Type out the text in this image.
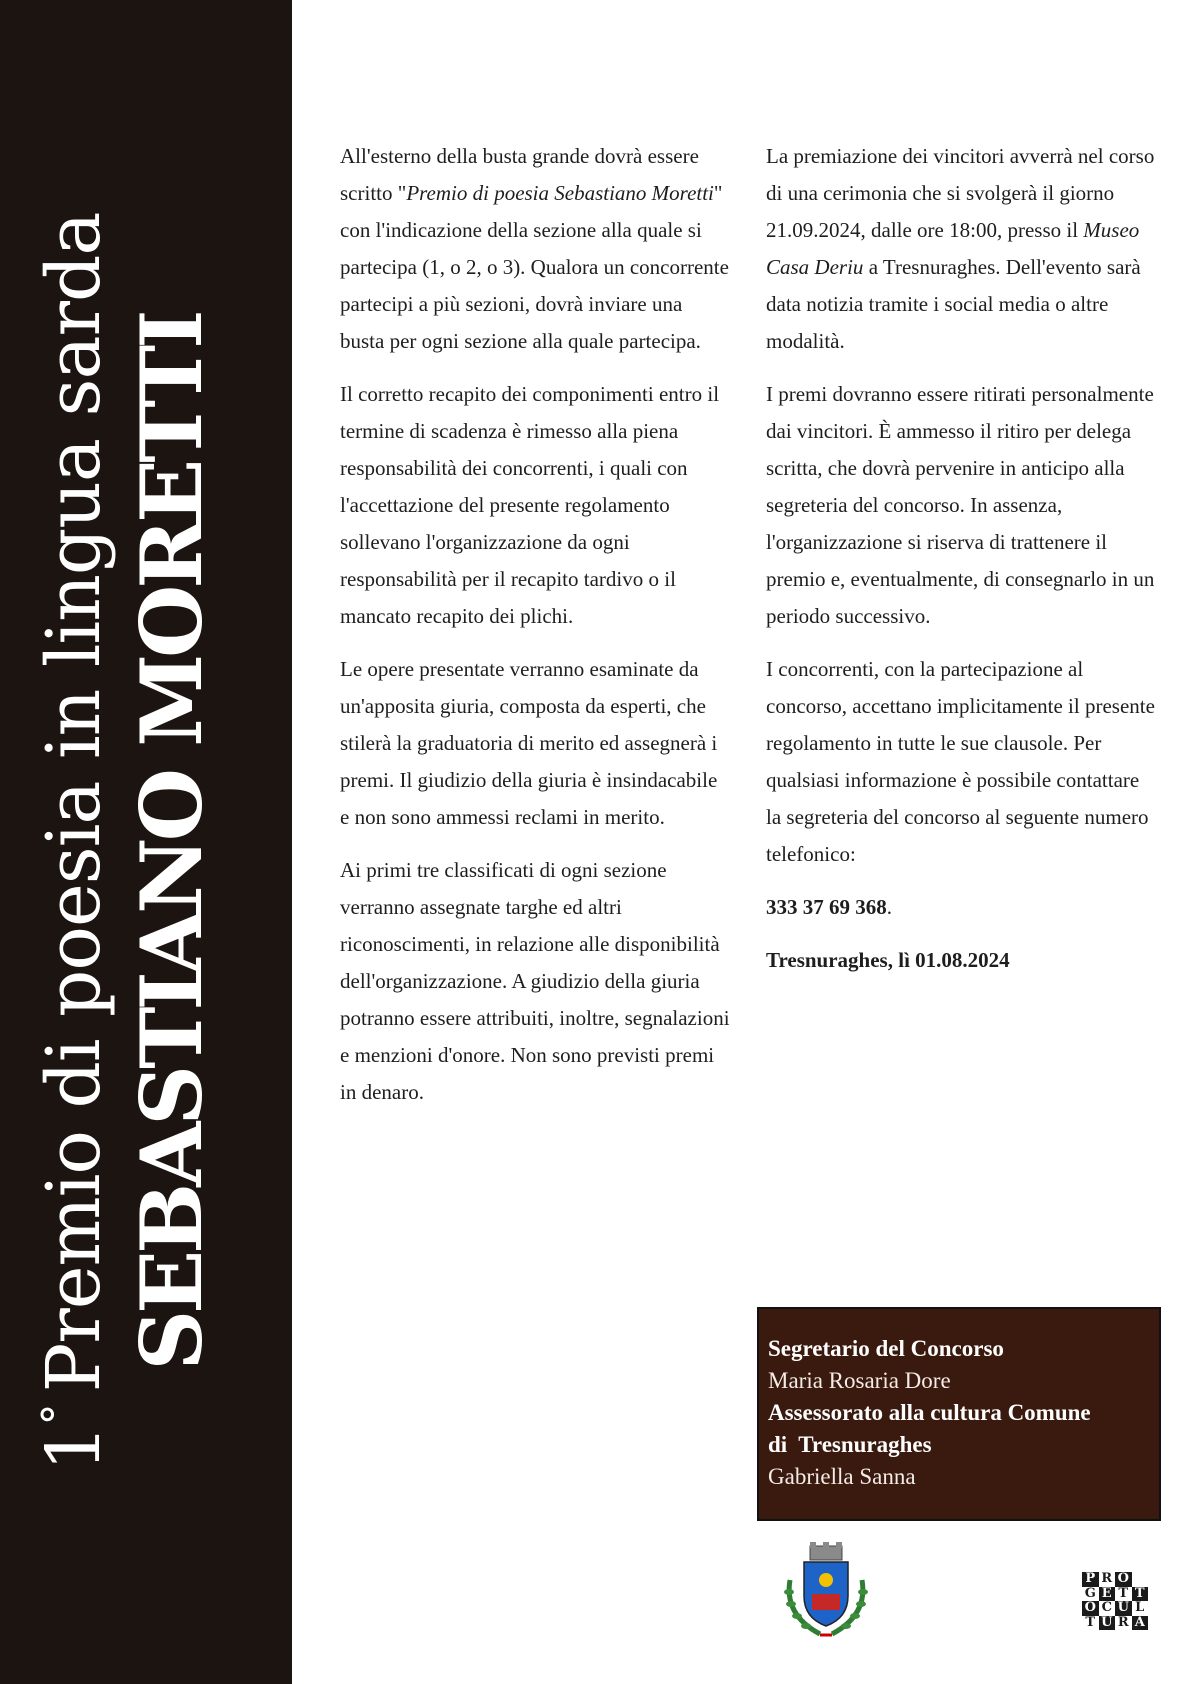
1°Premio di poesia in lingua sarda SEBASTIANO MORETTI

All'esterno della busta grande dovrà essere scritto "Premio di poesia Sebastiano Moretti" con l'indicazione della sezione alla quale si partecipa (1, o 2, o 3). Qualora un concorrente partecipi a più sezioni, dovrà inviare una busta per ogni sezione alla quale partecipa.

Il corretto recapito dei componimenti entro il termine di scadenza è rimesso alla piena responsabilità dei concorrenti, i quali con l'accettazione del presente regolamento sollevano l'organizzazione da ogni responsabilità per il recapito tardivo o il mancato recapito dei plichi.

Le opere presentate verranno esaminate da un'apposita giuria, composta da esperti, che stilerà la graduatoria di merito ed assegnerà i premi. Il giudizio della giuria è insindacabile e non sono ammessi reclami in merito.

Ai primi tre classificati di ogni sezione verranno assegnate targhe ed altri riconoscimenti, in relazione alle disponibilità dell'organizzazione. A giudizio della giuria potranno essere attribuiti, inoltre, segnalazioni e menzioni d'onore. Non sono previsti premi in denaro.

La premiazione dei vincitori avverrà nel corso di una cerimonia che si svolgerà il giorno 21.09.2024, dalle ore 18:00, presso il Museo Casa Deriu a Tresnuraghes. Dell'evento sarà data notizia tramite i social media o altre modalità.

I premi dovranno essere ritirati personalmente dai vincitori. È ammesso il ritiro per delega scritta, che dovrà pervenire in anticipo alla segreteria del concorso. In assenza, l'organizzazione si riserva di trattenere il premio e, eventualmente, di consegnarlo in un periodo successivo.

I concorrenti, con la partecipazione al concorso, accettano implicitamente il presente regolamento in tutte le sue clausole. Per qualsiasi informazione è possibile contattare la segreteria del concorso al seguente numero telefonico:

333 37 69 368.

Tresnuraghes, lì 01.08.2024

Segretario del Concorso
Maria Rosaria Dore
Assessorato alla cultura Comune
di  Tresnuraghes
Gabriella Sanna
P R O
G E T T
O C U L
T U R A
